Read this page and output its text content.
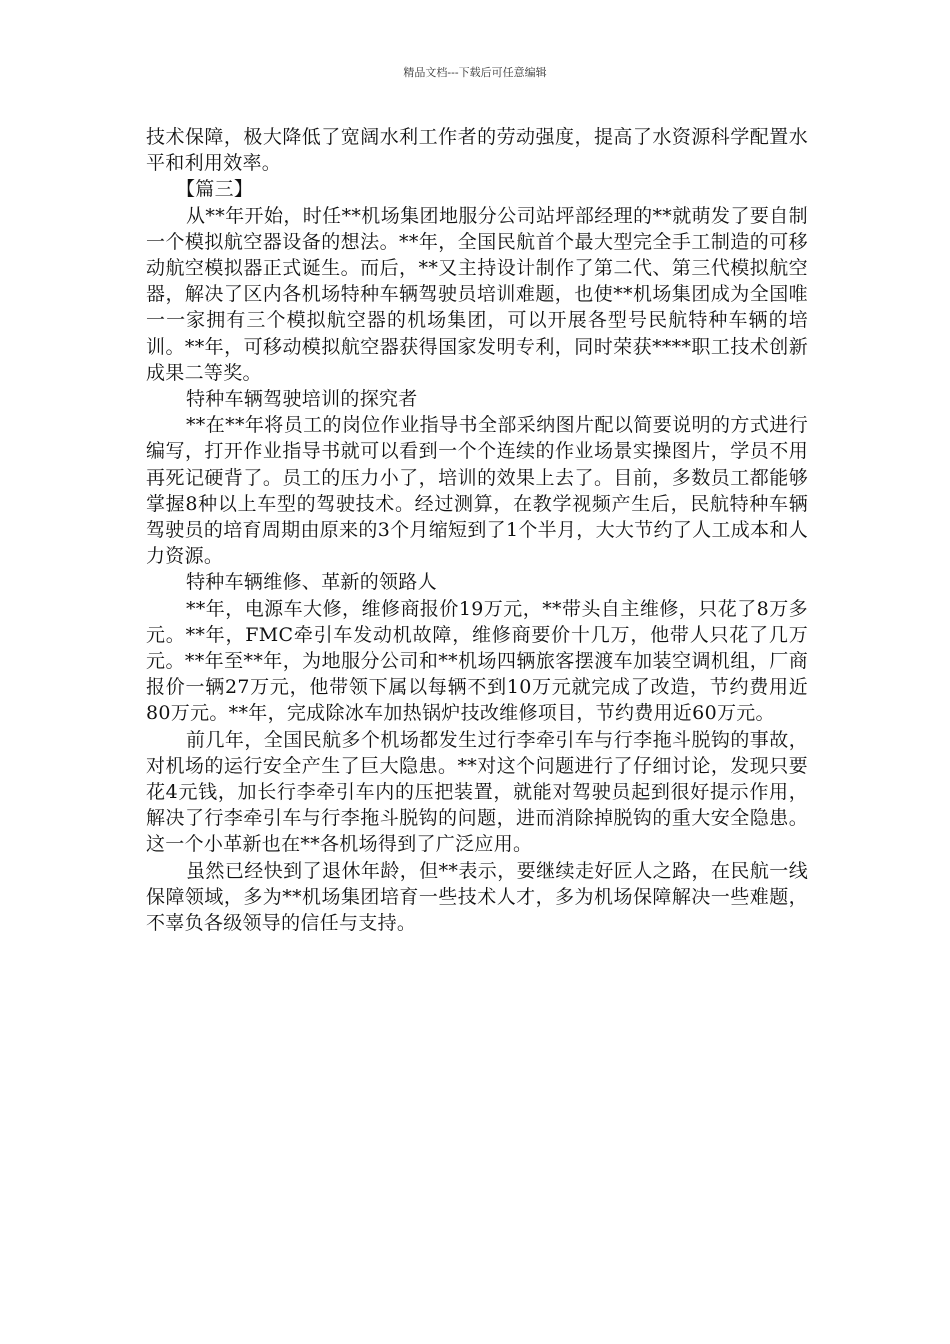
精品文档---下载后可任意编辑

技术保障，极大降低了宽阔水利工作者的劳动强度，提高了水资源科学配置水平和利用效率。

【篇三】

从**年开始，时任**机场集团地服分公司站坪部经理的**就萌发了要自制一个模拟航空器设备的想法。**年，全国民航首个最大型完全手工制造的可移动航空模拟器正式诞生。而后，**又主持设计制作了第二代、第三代模拟航空器，解决了区内各机场特种车辆驾驶员培训难题，也使**机场集团成为全国唯一一家拥有三个模拟航空器的机场集团，可以开展各型号民航特种车辆的培训。**年，可移动模拟航空器获得国家发明专利，同时荣获****职工技术创新成果二等奖。

特种车辆驾驶培训的探究者

**在**年将员工的岗位作业指导书全部采纳图片配以简要说明的方式进行编写，打开作业指导书就可以看到一个个连续的作业场景实操图片，学员不用再死记硬背了。员工的压力小了，培训的效果上去了。目前，多数员工都能够掌握8种以上车型的驾驶技术。经过测算，在教学视频产生后，民航特种车辆驾驶员的培育周期由原来的3个月缩短到了1个半月，大大节约了人工成本和人力资源。

特种车辆维修、革新的领路人

**年，电源车大修，维修商报价19万元，**带头自主维修，只花了8万多元。**年，FMC牵引车发动机故障，维修商要价十几万，他带人只花了几万元。**年至**年，为地服分公司和**机场四辆旅客摆渡车加装空调机组，厂商报价一辆27万元，他带领下属以每辆不到10万元就完成了改造，节约费用近80万元。**年，完成除冰车加热锅炉技改维修项目，节约费用近60万元。

前几年，全国民航多个机场都发生过行李牵引车与行李拖斗脱钩的事故，对机场的运行安全产生了巨大隐患。**对这个问题进行了仔细讨论，发现只要花4元钱，加长行李牵引车内的压把装置，就能对驾驶员起到很好提示作用，解决了行李牵引车与行李拖斗脱钩的问题，进而消除掉脱钩的重大安全隐患。这一个小革新也在**各机场得到了广泛应用。

虽然已经快到了退休年龄，但**表示，要继续走好匠人之路，在民航一线保障领域，多为**机场集团培育一些技术人才，多为机场保障解决一些难题，不辜负各级领导的信任与支持。
